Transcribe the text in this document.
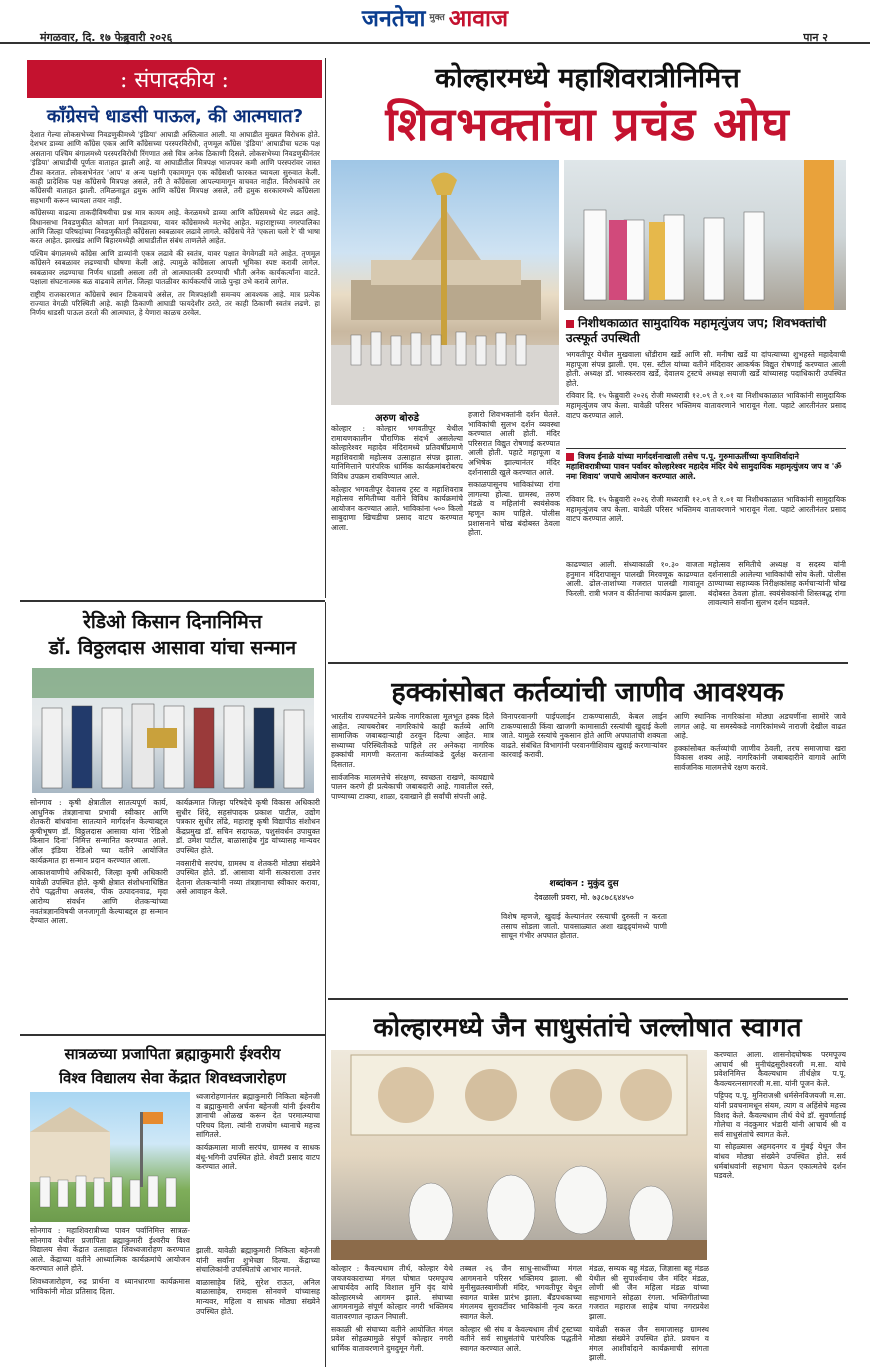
मंगळवार, दि. १७ फेब्रुवारी २०२६
जनतेचा मुक्त आवाज
पान २
: संपादकीय :
काँग्रेसचे धाडसी पाऊल, की आत्मघात?

देशात गेल्या लोकसभेच्या निवडणुकीमध्ये 'इंडिया' आघाडी अस्तित्वात आली. या आघाडीत मुख्यत विरोधक होते. देशभर डाव्या आणि काँग्रेस एकत्र आणि काँग्रेसच्या परस्परविरोधी, तृणमूल काँग्रेस 'इंडिया' आघाडीचा घटक पक्ष असताना पश्चिम बंगालमध्ये परस्परविरोधी रिंगणात असे चित्र अनेक ठिकाणी दिसले. लोकसभेच्या निवडणुकीनंतर 'इंडिया' आघाडीची पूर्णतः वाताहत झाली आहे. या आघाडीतील मित्रपक्ष भाजपवर कमी आणि परस्परांवर जास्त टीका करतात. लोकसभेनंतर 'आप' व अन्य पक्षांनी एकामागून एक काँग्रेसशी फारकत घ्यायला सुरुवात केली. काही प्रादेशिक पक्ष काँग्रेसचे मित्रपक्ष असले, तरी ते काँग्रेसला आपल्यामागून वाचवत नाहीत. विरोधकांचे तर काँग्रेसची वाताहत झाली. तमिळनाडूत द्रमुक आणि काँग्रेस मित्रपक्ष असले, तरी द्रमुक सरकारमध्ये काँग्रेसला सहभागी करून घ्यायला तयार नाही.

काँग्रेसच्या वाढत्या ताकदीविषयीचा प्रश्न मात्र कायम आहे. केरळमध्ये डाव्या आणि काँग्रेसमध्ये थेट लढत आहे. विधानसभा निवडणुकीत कोणता मार्ग निवडायचा, यावर काँग्रेसमध्ये मतभेद आहेत. महाराष्ट्राच्या नगरपालिका आणि जिल्हा परिषदांच्या निवडणुकीतही काँग्रेसला स्वबळावर लढावे लागले. काँग्रेसचे नेते 'एकला चलो रे' ची भाषा करत आहेत. झारखंड आणि बिहारमध्येही आघाडीतील संबंध ताणलेले आहेत.

पश्चिम बंगालमध्ये काँग्रेस आणि डाव्यांनी एकत्र लढावे की स्वतंत्र, यावर पक्षात वेगवेगळी मते आहेत. तृणमूल काँग्रेसने स्वबळावर लढण्याची घोषणा केली आहे. त्यामुळे काँग्रेसला आपली भूमिका स्पष्ट करावी लागेल. स्वबळावर लढण्याचा निर्णय धाडसी असला तरी तो आत्मघातकी ठरण्याची भीती अनेक कार्यकर्त्यांना वाटते. पक्षाला संघटनात्मक बळ वाढवावे लागेल. जिल्हा पातळीवर कार्यकर्त्यांचे जाळे पुन्हा उभे करावे लागेल.

राष्ट्रीय राजकारणात काँग्रेसचे स्थान टिकवायचे असेल, तर मित्रपक्षांशी समन्वय आवश्यक आहे. मात्र प्रत्येक राज्यात वेगळी परिस्थिती आहे. काही ठिकाणी आघाडी फायदेशीर ठरते, तर काही ठिकाणी स्वतंत्र लढणे. हा निर्णय धाडसी पाऊल ठरतो की आत्मघात, हे येणारा काळच ठरवेल.

कोल्हारमध्ये महाशिवरात्रीनिमित्त
शिवभक्तांचा प्रचंड ओघ
निशीथकाळात सामुदायिक महामृत्युंजय जप; शिवभक्तांची उत्स्फूर्त उपस्थिती

भगवतीपूर येथील मुखवाला धोंडीराम खर्डे आणि सौ. मनीषा खर्डे या दांपत्याच्या शुभहस्ते महादेवाची महापूजा संपन्न झाली. एम. एस. स्टील यांच्या वतीने मंदिरावर आकर्षक विद्युत रोषणाई करण्यात आली होती. अध्यक्ष डॉ. भास्करराव खर्डे, देवालय ट्रस्टचे अध्यक्ष सयाजी खर्डे यांच्यासह पदाधिकारी उपस्थित होते.

रविवार दि. १५ फेब्रुवारी २०२६ रोजी मध्यरात्री १२.०९ ते १.०१ या निशीथकाळात भाविकांनी सामुदायिक महामृत्युंजय जप केला. यावेळी परिसर भक्तिमय वातावरणाने भारावून गेला. पहाटे आरतीनंतर प्रसाद वाटप करण्यात आले.

विजय ईनाळे यांच्या मार्गदर्शनाखाली तसेच प.पू. गुरुमाऊलींच्या कृपाशिर्वादाने महाशिवरात्रीच्या पावन पर्वावर कोल्हारेश्वर महादेव मंदिर येथे सामुदायिक महामृत्युंजय जप व 'ॐ नमः शिवाय' जपाचे आयोजन करण्यात आले.

रविवार दि. १५ फेब्रुवारी २०२६ रोजी मध्यरात्री १२.०९ ते १.०१ या निशीथकाळात भाविकांनी सामुदायिक महामृत्युंजय जप केला. यावेळी परिसर भक्तिमय वातावरणाने भारावून गेला. पहाटे आरतीनंतर प्रसाद वाटप करण्यात आले.

अरुण बोरुडे

कोल्हार : कोल्हार भगवतीपूर येथील रामायणकालीन पौराणिक संदर्भ असलेल्या कोल्हारेश्वर महादेव मंदिरामध्ये प्रतिवर्षीप्रमाणे महाशिवरात्री महोत्सव उत्साहात संपन्न झाला. यानिमित्ताने पारंपरिक धार्मिक कार्यक्रमांबरोबरच विविध उपक्रम राबविण्यात आले.

कोल्हार भगवतीपूर देवालय ट्रस्ट व महाशिवरात्र महोत्सव समितीच्या वतीने विविध कार्यक्रमांचे आयोजन करण्यात आले. भाविकांना ५०० किलो साबुदाणा खिचडीचा प्रसाद वाटप करण्यात आला.

हजारो शिवभक्तांनी दर्शन घेतले. भाविकांची सुलभ दर्शन व्यवस्था करण्यात आली होती. मंदिर परिसरात विद्युत रोषणाई करण्यात आली होती. पहाटे महापूजा व अभिषेक झाल्यानंतर मंदिर दर्शनासाठी खुले करण्यात आले.

सकाळपासूनच भाविकांच्या रांगा लागल्या होत्या. ग्रामस्थ, तरुण मंडळे व महिलांनी स्वयंसेवक म्हणून काम पाहिले. पोलीस प्रशासनाने चोख बंदोबस्त ठेवला होता.

काढण्यात आली. संध्याकाळी १०.३० वाजता हनुमान मंदिरापासून पालखी मिरवणूक काढण्यात आली. ढोल-ताशांच्या गजरात पालखी गावातून फिरली. रात्री भजन व कीर्तनाचा कार्यक्रम झाला.

महोत्सव समितीचे अध्यक्ष व सदस्य यांनी दर्शनासाठी आलेल्या भाविकांची सोय केली. पोलीस ठाण्याच्या सहाय्यक निरीक्षकांसह कर्मचाऱ्यांनी चोख बंदोबस्त ठेवला होता. स्वयंसेवकांनी शिस्तबद्ध रांगा लावल्याने सर्वांना सुलभ दर्शन घडवले.

रेडिओ किसान दिनानिमित्त
डॉ. विठ्ठलदास आसावा यांचा सन्मान

सोनगाव : कृषी क्षेत्रातील सातत्यपूर्ण कार्य, आधुनिक तंत्रज्ञानाचा प्रभावी स्वीकार आणि शेतकरी बांधवांना सातत्याने मार्गदर्शन केल्याबद्दल कृषीभूषण डॉ. विठ्ठलदास आसावा यांना 'रेडिओ किसान दिना' निमित्त सन्मानित करण्यात आले. ऑल इंडिया रेडिओ च्या वतीने आयोजित कार्यक्रमात हा सन्मान प्रदान करण्यात आला.

आकाशवाणीचे अधिकारी, जिल्हा कृषी अधिकारी यावेळी उपस्थित होते. कृषी क्षेत्रात संशोधनाधिष्ठित रोपे पद्धतीचा अवलंब, पीक उत्पादनवाढ, मृदा आरोग्य संवर्धन आणि शेतकऱ्यांच्या नवतंत्रज्ञानविषयी जनजागृती केल्याबद्दल हा सन्मान देण्यात आला.

कार्यक्रमात जिल्हा परिषदेचे कृषी विकास अधिकारी सुधीर शिंदे, सहसंपादक प्रकाश पाटील, उद्योग पत्रकार सुधीर लोंढे, महाराष्ट्र कृषी विद्यापीठ संशोधन केंद्रप्रमुख डॉ. सचिन सदाफळ, पशुसंवर्धन उपायुक्त डॉ. उमेश पाटील, बाळासाहेब गुंड यांच्यासह मान्यवर उपस्थित होते.

नवसारीचे सरपंच, ग्रामस्थ व शेतकरी मोठ्या संख्येने उपस्थित होते. डॉ. आसावा यांनी सत्काराला उत्तर देताना शेतकऱ्यांनी नव्या तंत्रज्ञानाचा स्वीकार करावा, असे आवाहन केले.

हक्कांसोबत कर्तव्यांची जाणीव आवश्यक

भारतीय राज्यघटनेने प्रत्येक नागरिकाला मूलभूत हक्क दिले आहेत. त्याचबरोबर नागरिकांचे काही कर्तव्ये आणि सामाजिक जबाबदाऱ्याही ठरवून दिल्या आहेत. मात्र सध्याच्या परिस्थितीकडे पाहिले तर अनेकदा नागरिक हक्कांची मागणी करताना कर्तव्यांकडे दुर्लक्ष करताना दिसतात.

सार्वजनिक मालमत्तेचे संरक्षण, स्वच्छता राखणे, कायद्याचे पालन करणे ही प्रत्येकाची जबाबदारी आहे. गावातील रस्ते, पाण्याच्या टाक्या, शाळा, दवाखाने ही सर्वांची संपत्ती आहे.

विनापरवानगी पाईपलाईन टाकण्यासाठी, केबल लाईन टाकण्यासाठी किंवा खाजगी कामासाठी रस्त्यांची खुदाई केली जाते. यामुळे रस्त्यांचे नुकसान होते आणि अपघातांची शक्यता वाढते. संबंधित विभागांनी परवानगीशिवाय खुदाई करणाऱ्यांवर कारवाई करावी.

शब्दांकन : मुकुंद दुस
देवळाली प्रवरा, मो. ७३८७८६४४५०

विशेष म्हणजे, खुदाई केल्यानंतर रस्त्याची दुरुस्ती न करता तसाच सोडला जातो. पावसाळ्यात अशा खड्ड्यांमध्ये पाणी साचून गंभीर अपघात होतात.

आणि स्थानिक नागरिकांना मोठ्या अडचणींना सामोरे जावे लागत आहे. या समस्येकडे नागरिकांमध्ये नाराजी देखील वाढत आहे.

हक्कांसोबत कर्तव्यांची जाणीव ठेवली, तरच समाजाचा खरा विकास शक्य आहे. नागरिकांनी जबाबदारीने वागावे आणि सार्वजनिक मालमत्तेचे रक्षण करावे.

कोल्हारमध्ये जैन साधुसंतांचे जल्लोषात स्वागत

कोल्हार : कैवल्यधाम तीर्थ, कोल्हार येथे जयजयकाराच्या मंगल घोषात परमपूज्य आचार्यदेव आदि विशाल मुनि वृंद यांचे कोल्हारमध्ये आगमन झाले. संघाच्या आगमनामुळे संपूर्ण कोल्हार नगरी भक्तिमय वातावरणात न्हाऊन निघाली.

सकाळी श्री संघाच्या वतीने आयोजित मंगल प्रवेश सोहळ्यामुळे संपूर्ण कोल्हार नगरी धार्मिक वातावरणाने दुमदुमून गेली.

तब्बल २६ जैन साधु-साध्वींच्या मंगल आगमनाने परिसर भक्तिमय झाला. श्री मुनीसुव्रतस्वामीजी मंदिर, भगवतीपूर येथून स्वागत यात्रेस प्रारंभ झाला. बँडपथकाच्या मंगलमय सुरावटींवर भाविकांनी नृत्य करत स्वागत केले.

कोल्हार श्री संघ व केवल्यधाम तीर्थ ट्रस्टच्या वतीने सर्व साधुसंतांचे पारंपरिक पद्धतीने स्वागत करण्यात आले.

मंडळ, सम्यक बहू मंडळ, जिज्ञासा बहू मंडळ येथील श्री सुपार्श्वनाथ जैन मंदिर मंडळ, लोणी श्री जैन महिला मंडळ यांच्या सहभागाने सोहळा रंगला. भक्तिगीतांच्या गजरात महाराज साहेब यांचा नगरप्रवेश झाला.

यावेळी सकल जैन समाजासह ग्रामस्थ मोठ्या संख्येने उपस्थित होते. प्रवचन व मंगल आशीर्वादाने कार्यक्रमाची सांगता झाली.

करण्यात आला. शासनोदघोषक परमपूज्य आचार्य श्री मुनीचंद्रसूरीश्वरजी म.सा. यांचे प्रवेशनिमित्त कैवल्यधाम तीर्थक्षेत्र प.पू. कैवल्यरत्नसागरजी म.सा. यांनी पूजन केले.

पट्टिपद प.पू. मुनिराजश्री धर्मसेनविजयजी म.सा. यांनी प्रवचनामधून संयम, त्याग व अहिंसेचे महत्त्व विशद केले. कैवल्यधाम तीर्थ येथे डॉ. सुवर्णाताई गोलेचा व नंदकुमार भंडारी यांनी आचार्य श्री व सर्व साधुसंतांचे स्वागत केले.

या सोहळ्यास अहमदनगर व मुंबई येथून जैन बांधव मोठ्या संख्येने उपस्थित होते. सर्व धर्मबांधवांनी सहभाग घेऊन एकात्मतेचे दर्शन घडवले.

सात्रळच्या प्रजापिता ब्रह्माकुमारी ईश्वरीय
विश्व विद्यालय सेवा केंद्रात शिवध्वजारोहण

सोनगाव : महाशिवरात्रीच्या पावन पर्वानिमित्त सात्रळ-सोनगाव येथील प्रजापिता ब्रह्माकुमारी ईश्वरीय विश्व विद्यालय सेवा केंद्रात उत्साहात शिवध्वजारोहण करण्यात आले. केंद्राच्या वतीने आध्यात्मिक कार्यक्रमांचे आयोजन करण्यात आले होते.

शिवध्वजारोहण, रुद्र प्रार्थना व ध्यानधारणा कार्यक्रमास भाविकांनी मोठा प्रतिसाद दिला.

ध्वजारोहणानंतर ब्रह्माकुमारी निकिता बहेनजी व ब्रह्माकुमारी अर्चना बहेनजी यांनी ईश्वरीय ज्ञानाची ओळख करून देत परमात्म्याचा परिचय दिला. त्यांनी राजयोग ध्यानाचे महत्त्व सांगितले.

कार्यक्रमाला माजी सरपंच, ग्रामस्थ व साधक बंधू-भगिनी उपस्थित होते. शेवटी प्रसाद वाटप करण्यात आले.

झाली. यावेळी ब्रह्माकुमारी निकिता बहेनजी यांनी सर्वांना शुभेच्छा दिल्या. केंद्राच्या संचालिकांनी उपस्थितांचे आभार मानले.

बाळासाहेब शिंदे, सुरेश राऊत, अनिल बाळासाहेब, रामदास सोनवणे यांच्यासह मान्यवर, महिला व साधक मोठ्या संख्येने उपस्थित होते.
